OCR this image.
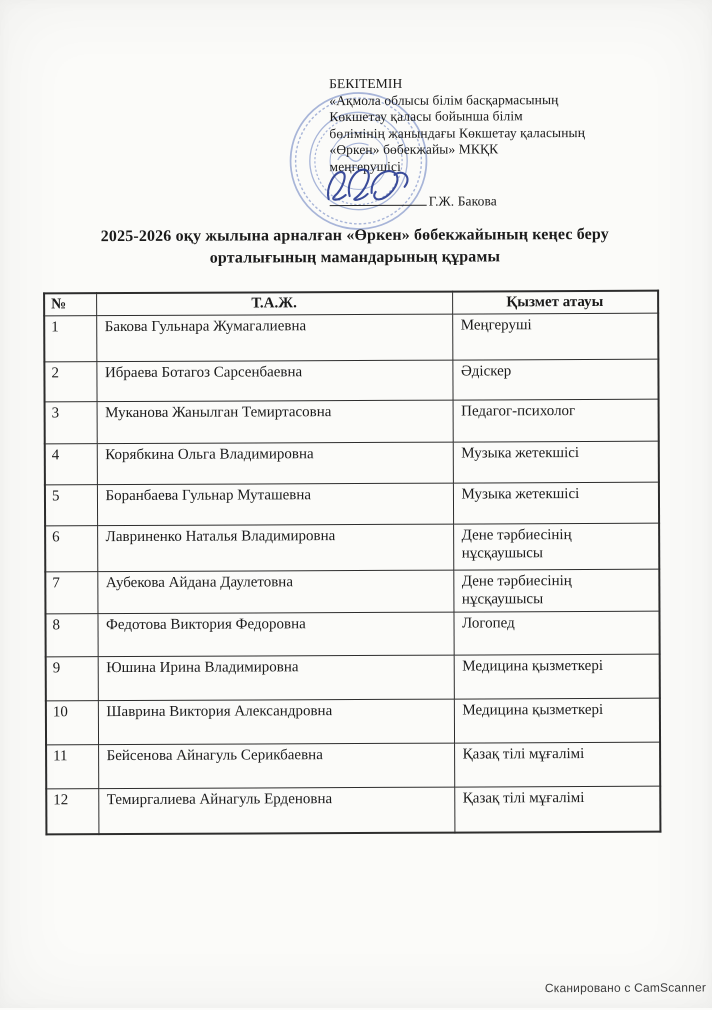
БЕКІТЕМІН
«Ақмола облысы білім басқармасының
Көкшетау қаласы бойынша білім
бөлімінің жанындағы Көкшетау қаласының
«Өркен» бөбекжайы» МКҚК
меңгерушісі
Г.Ж. Бакова
2025-2026 оқу жылына арналған «Өркен» бөбекжайының кеңес беру
орталығының мамандарының құрамы
№	Т.А.Ж.	Қызмет атауы
1	Бакова Гульнара Жумагалиевна	Меңгеруші
2	Ибраева Ботагоз Сарсенбаевна	Әдіскер
3	Муканова Жанылган Темиртасовна	Педагог-психолог
4	Корябкина Ольга Владимировна	Музыка жетекшісі
5	Боранбаева Гульнар Муташевна	Музыка жетекшісі
6	Лавриненко Наталья Владимировна	Дене тәрбиесінің нұсқаушысы
7	Аубекова Айдана Даулетовна	Дене тәрбиесінің нұсқаушысы
8	Федотова Виктория Федоровна	Логопед
9	Юшина Ирина Владимировна	Медицина қызметкері
10	Шаврина Виктория Александровна	Медицина қызметкері
11	Бейсенова Айнагуль Серикбаевна	Қазақ тілі мұғалімі
12	Темиргалиева Айнагуль Ерденовна	Қазақ тілі мұғалімі
Сканировано с CamScanner
